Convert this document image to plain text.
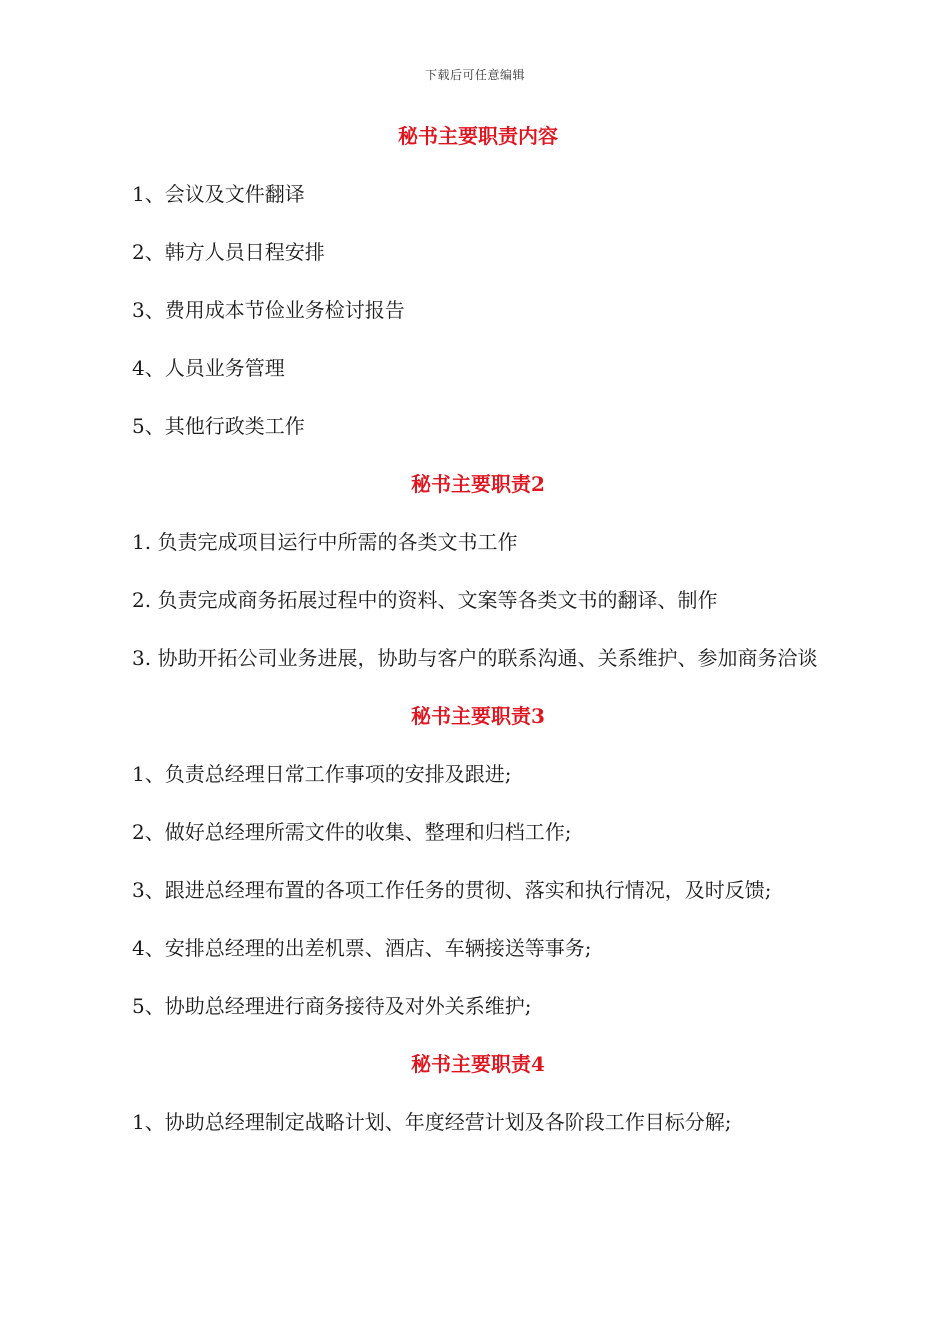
下载后可任意编辑
秘书主要职责内容
1、会议及文件翻译
2、韩方人员日程安排
3、费用成本节俭业务检讨报告
4、人员业务管理
5、其他行政类工作
秘书主要职责2
1. 负责完成项目运行中所需的各类文书工作
2. 负责完成商务拓展过程中的资料、文案等各类文书的翻译、制作
3. 协助开拓公司业务进展，协助与客户的联系沟通、关系维护、参加商务洽谈
秘书主要职责3
1、负责总经理日常工作事项的安排及跟进;
2、做好总经理所需文件的收集、整理和归档工作;
3、跟进总经理布置的各项工作任务的贯彻、落实和执行情况，及时反馈;
4、安排总经理的出差机票、酒店、车辆接送等事务;
5、协助总经理进行商务接待及对外关系维护;
秘书主要职责4
1、协助总经理制定战略计划、年度经营计划及各阶段工作目标分解;
